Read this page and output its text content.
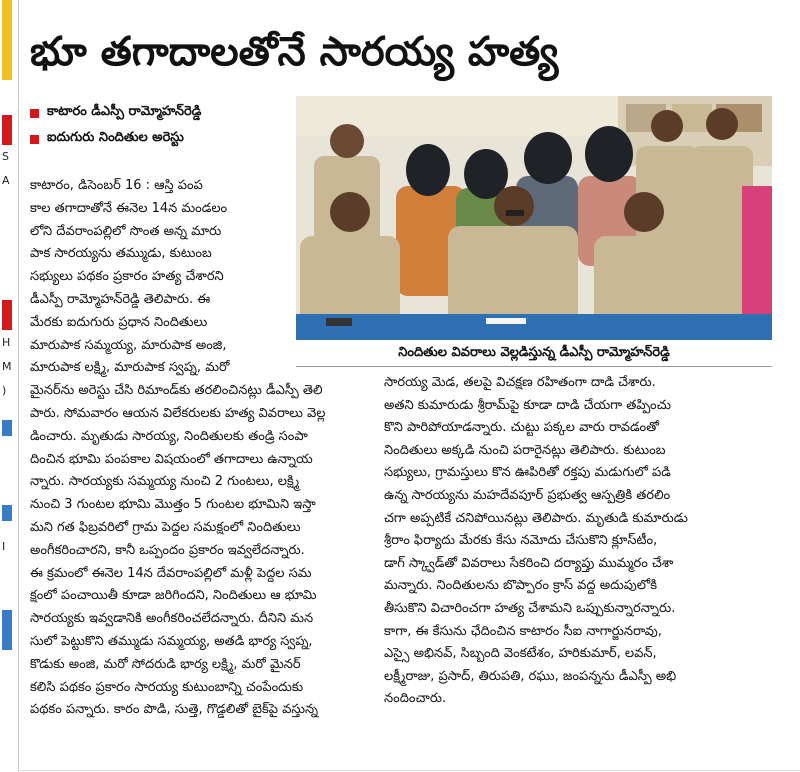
S
A
H
M
)
I
భూ తగాదాలతోనే సారయ్య హత్య
కాటారం డీఎస్పీ రామ్మోహన్‌రెడ్డి
ఐదుగురు నిందితుల అరెస్టు
నిందితుల వివరాలు వెల్లడిస్తున్న డీఎస్పీ రామ్మోహన్‌రెడ్డి
కాటారం, డిసెంబర్ 16 : ఆస్తి పంప
కాల తగాదాతోనే ఈనెల 14న మండలం
లోని దేవరాంపల్లిలో సొంత అన్న మారు
పాక సారయ్యను తమ్ముడు, కుటుంబ
సభ్యులు పథకం ప్రకారం హత్య చేశారని
డీఎస్పీ రామ్మోహన్‌రెడ్డి తెలిపారు. ఈ
మేరకు ఐదుగురు ప్రధాన నిందితులు
మారుపాక సమ్మయ్య, మారుపాక అంజి,
మారుపాక లక్ష్మి, మారుపాక స్వప్న, మరో
మైనర్‌ను అరెస్టు చేసి రిమాండ్‌కు తరలించినట్లు డీఎస్పీ తెలి
పారు. సోమవారం ఆయన విలేకరులకు హత్య వివరాలు వెల్ల
డించారు. మృతుడు సారయ్య, నిందితులకు తండ్రి సంపా
దించిన భూమి పంపకాల విషయంలో తగాదాలు ఉన్నాయ
న్నారు. సారయ్యకు సమ్మయ్య నుంచి 2 గుంటలు, లక్ష్మి
నుంచి 3 గుంటల భూమి మొత్తం 5 గుంటల భూమిని ఇస్తా
మని గత ఫిబ్రవరిలో గ్రామ పెద్దల సమక్షంలో నిందితులు
అంగీకరించారని, కానీ ఒప్పందం ప్రకారం ఇవ్వలేదన్నారు.
ఈ క్రమంలో ఈనెల 14న దేవరాంపల్లిలో మళ్లీ పెద్దల సమ
క్షంలో పంచాయితీ కూడా జరిగిందని, నిందితులు ఆ భూమి
సారయ్యకు ఇవ్వడానికి అంగీకరించలేదన్నారు. దీనిని మన
సులో పెట్టుకొని తమ్ముడు సమ్మయ్య, అతడి భార్య స్వప్న,
కొడుకు అంజి, మరో సోదరుడి భార్య లక్ష్మి, మరో మైనర్
కలిసి పథకం ప్రకారం సారయ్య కుటుంబాన్ని చంపేందుకు
పథకం పన్నారు. కారం పొడి, సుత్తె, గొడ్డలితో బైక్‌పై వస్తున్న
సారయ్య మెడ, తలపై విచక్షణ రహితంగా దాడి చేశారు.
అతని కుమారుడు శ్రీరామ్‌పై కూడా దాడి చేయగా తప్పించు
కొని పారిపోయాడన్నారు. చుట్టు పక్కల వారు రావడంతో
నిందితులు అక్కడి నుంచి పరారైనట్లు తెలిపారు. కుటుంబ
సభ్యులు, గ్రామస్తులు కొన ఊపిరితో రక్తపు మడుగులో పడి
ఉన్న సారయ్యను మహదేవపూర్ ప్రభుత్వ ఆస్పత్రికి తరలిం
చగా అప్పటికే చనిపోయినట్లు తెలిపారు. మృతుడి కుమారుడు
శ్రీరాం ఫిర్యాదు మేరకు కేసు నమోదు చేసుకొని క్లూస్‌టీం,
డాగ్ స్క్వాడ్‌తో వివరాలు సేకరించి దర్యాప్తు ముమ్మరం చేశా
మన్నారు. నిందితులను బొప్పారం క్రాస్ వద్ద అదుపులోకి
తీసుకొని విచారించగా హత్య చేశామని ఒప్పుకున్నారన్నారు.
కాగా, ఈ కేసును ఛేదించిన కాటారం సీఐ నాగార్జునరావు,
ఎస్సై అభినవ్, సిబ్బంది వెంకటేశం, హరికుమార్, లవన్,
లక్ష్మీరాజు, ప్రసాద్, తిరుపతి, రఘు, జంపన్నను డీఎస్పీ అభి
నందించారు.
